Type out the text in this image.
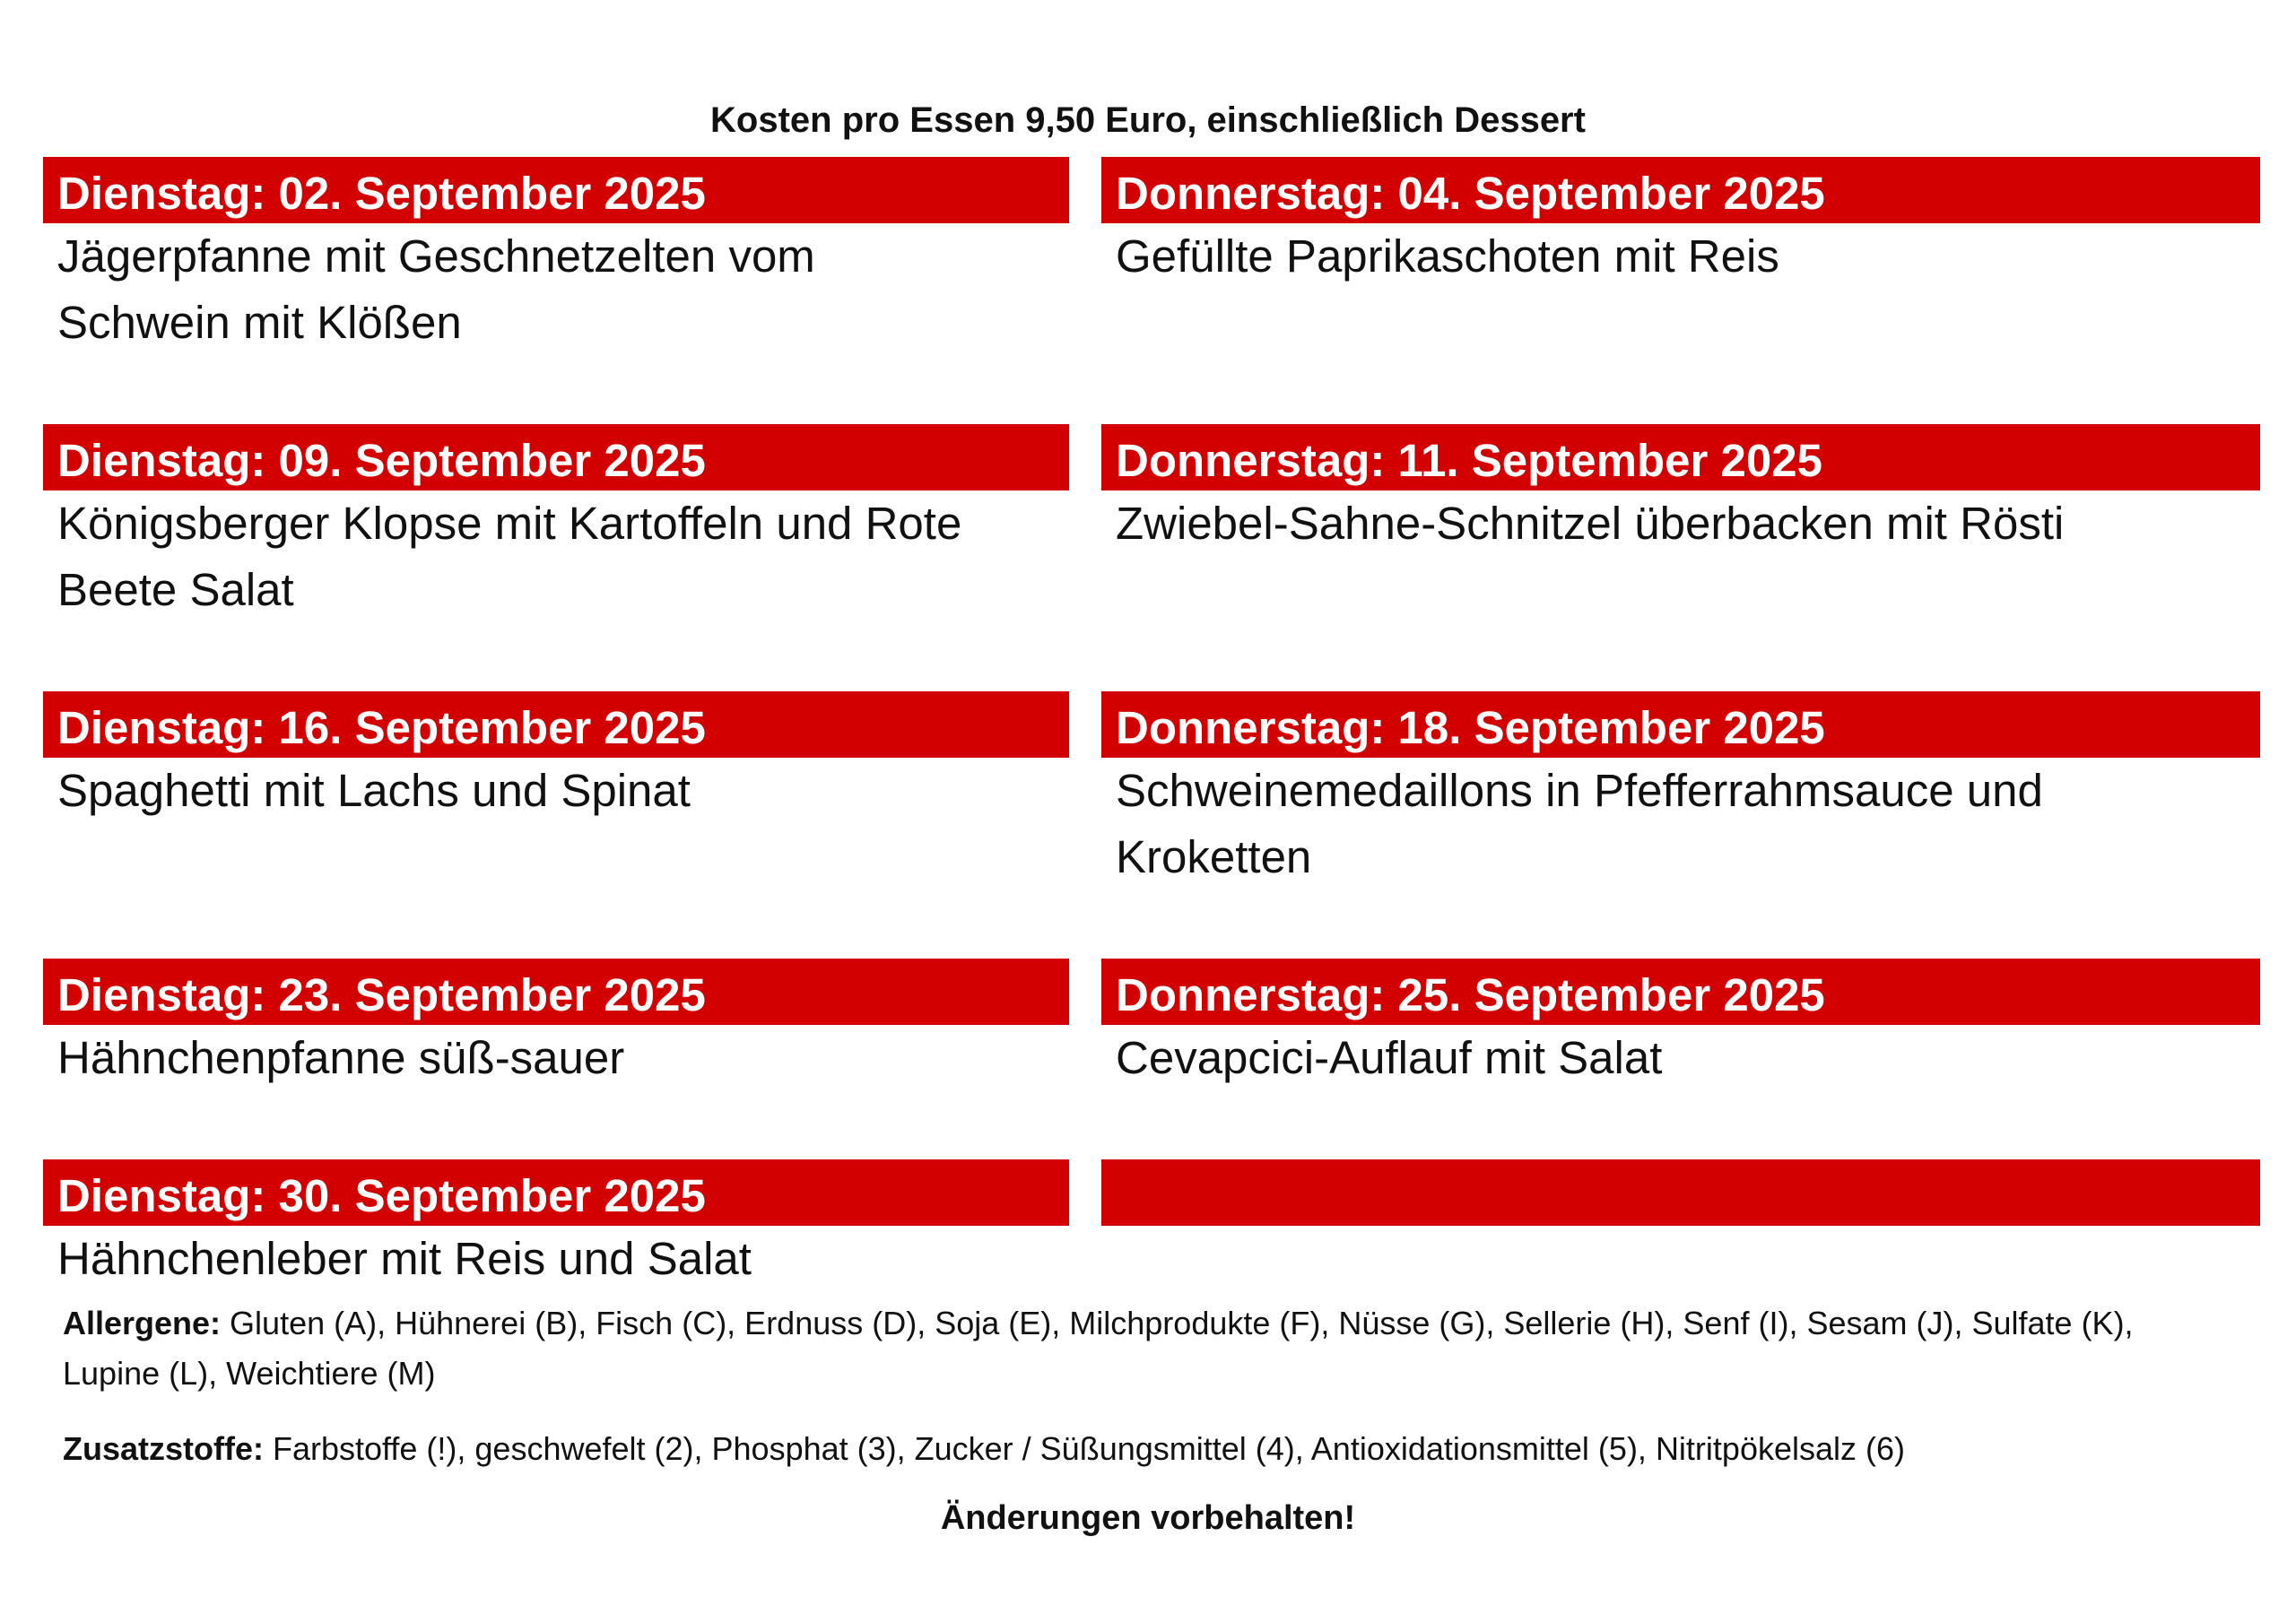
Kosten pro Essen 9,50 Euro, einschließlich Dessert
Dienstag: 02. September 2025
Jägerpfanne mit Geschnetzelten vom Schwein mit Klößen
Donnerstag: 04. September 2025
Gefüllte Paprikaschoten mit Reis
Dienstag: 09. September 2025
Königsberger Klopse mit Kartoffeln und Rote Beete Salat
Donnerstag: 11. September 2025
Zwiebel-Sahne-Schnitzel überbacken mit Rösti
Dienstag: 16. September 2025
Spaghetti mit Lachs und Spinat
Donnerstag: 18. September 2025
Schweinemedaillons in Pfefferrahmsauce und Kroketten
Dienstag: 23. September 2025
Hähnchenpfanne süß-sauer
Donnerstag: 25. September 2025
Cevapcici-Auflauf mit Salat
Dienstag: 30. September 2025
Hähnchenleber mit Reis und Salat
Allergene: Gluten (A), Hühnerei (B), Fisch (C), Erdnuss (D), Soja (E), Milchprodukte (F), Nüsse (G), Sellerie (H), Senf (I), Sesam (J), Sulfate (K), Lupine (L), Weichtiere (M)
Zusatzstoffe: Farbstoffe (!), geschwefelt (2), Phosphat (3), Zucker / Süßungsmittel (4), Antioxidationsmittel (5), Nitritpökelsalz (6)
Änderungen vorbehalten!
